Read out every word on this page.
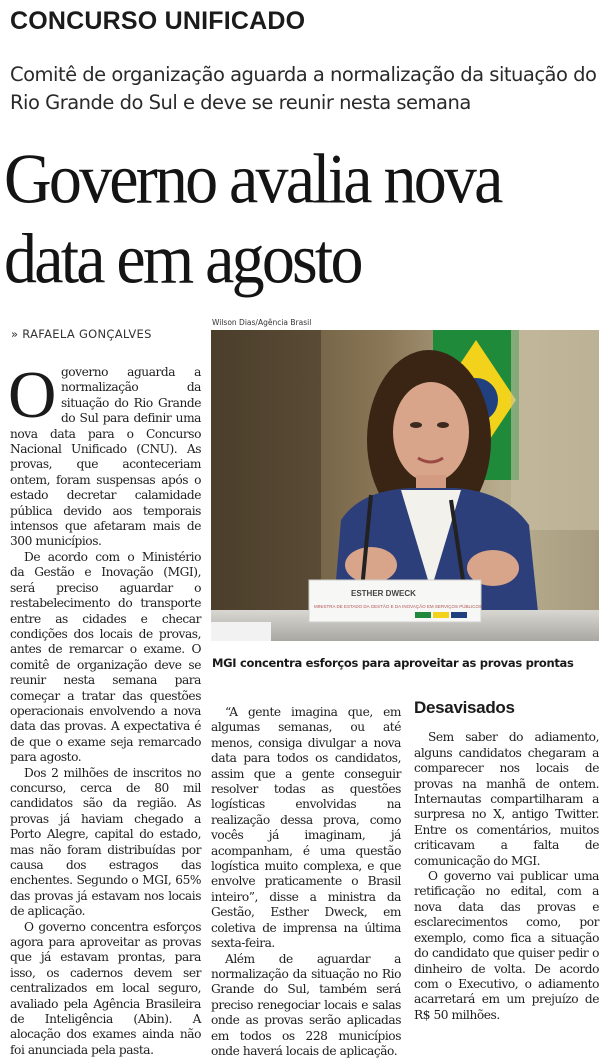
CONCURSO UNIFICADO
Comitê de organização aguarda a normalização da situação do Rio Grande do Sul e deve se reunir nesta semana
Governo avalia nova
data em agosto
» RAFAELA GONÇALVES
Wilson Dias/Agência Brasil
ESTHER DWECK
MINISTRA DE ESTADO DA GESTÃO E DA INOVAÇÃO EM SERVIÇOS PÚBLICOS
MGI concentra esforços para aproveitar as provas prontas

Ogoverno aguarda a normalização da situação do Rio Grande do Sul para definir uma nova data para o Concurso Nacional Unificado (CNU). As provas, que aconteceriam ontem, foram suspensas após o estado decretar calamidade pública devido aos temporais intensos que afetaram mais de 300 municípios.

De acordo com o Ministério da Gestão e Inovação (MGI), será preciso aguardar o restabelecimento do transporte entre as cidades e checar condições dos locais de provas, antes de remarcar o exame. O comitê de organização deve se reunir nesta semana para começar a tratar das questões operacionais envolvendo a nova data das provas. A expectativa é de que o exame seja remarcado para agosto.

Dos 2 milhões de inscritos no concurso, cerca de 80 mil candidatos são da região. As provas já haviam chegado a Porto Alegre, capital do estado, mas não foram distribuídas por causa dos estragos das enchentes. Segundo o MGI, 65% das provas já estavam nos locais de aplicação.

O governo concentra esforços agora para aproveitar as provas que já estavam prontas, para isso, os cadernos devem ser centralizados em local seguro, avaliado pela Agência Brasileira de Inteligência (Abin). A alocação dos exames ainda não foi anunciada pela pasta.

“A gente imagina que, em algumas semanas, ou até menos, consiga divulgar a nova data para todos os candidatos, assim que a gente conseguir resolver todas as questões logísticas envolvidas na realização dessa prova, como vocês já imaginam, já acompanham, é uma questão logística muito complexa, e que envolve praticamente o Brasil inteiro”, disse a ministra da Gestão, Esther Dweck, em coletiva de imprensa na última sexta-feira.

Além de aguardar a normalização da situação no Rio Grande do Sul, também será preciso renegociar locais e salas onde as provas serão aplicadas em todos os 228 municípios onde haverá locais de aplicação.

Desavisados

Sem saber do adiamento, alguns candidatos chegaram a comparecer nos locais de provas na manhã de ontem. Internautas compartilharam a surpresa no X, antigo Twitter. Entre os comentários, muitos criticavam a falta de comunicação do MGI.

O governo vai publicar uma retificação no edital, com a nova data das provas e esclarecimentos como, por exemplo, como fica a situação do candidato que quiser pedir o dinheiro de volta. De acordo com o Executivo, o adiamento acarretará em um prejuízo de R$ 50 milhões.
